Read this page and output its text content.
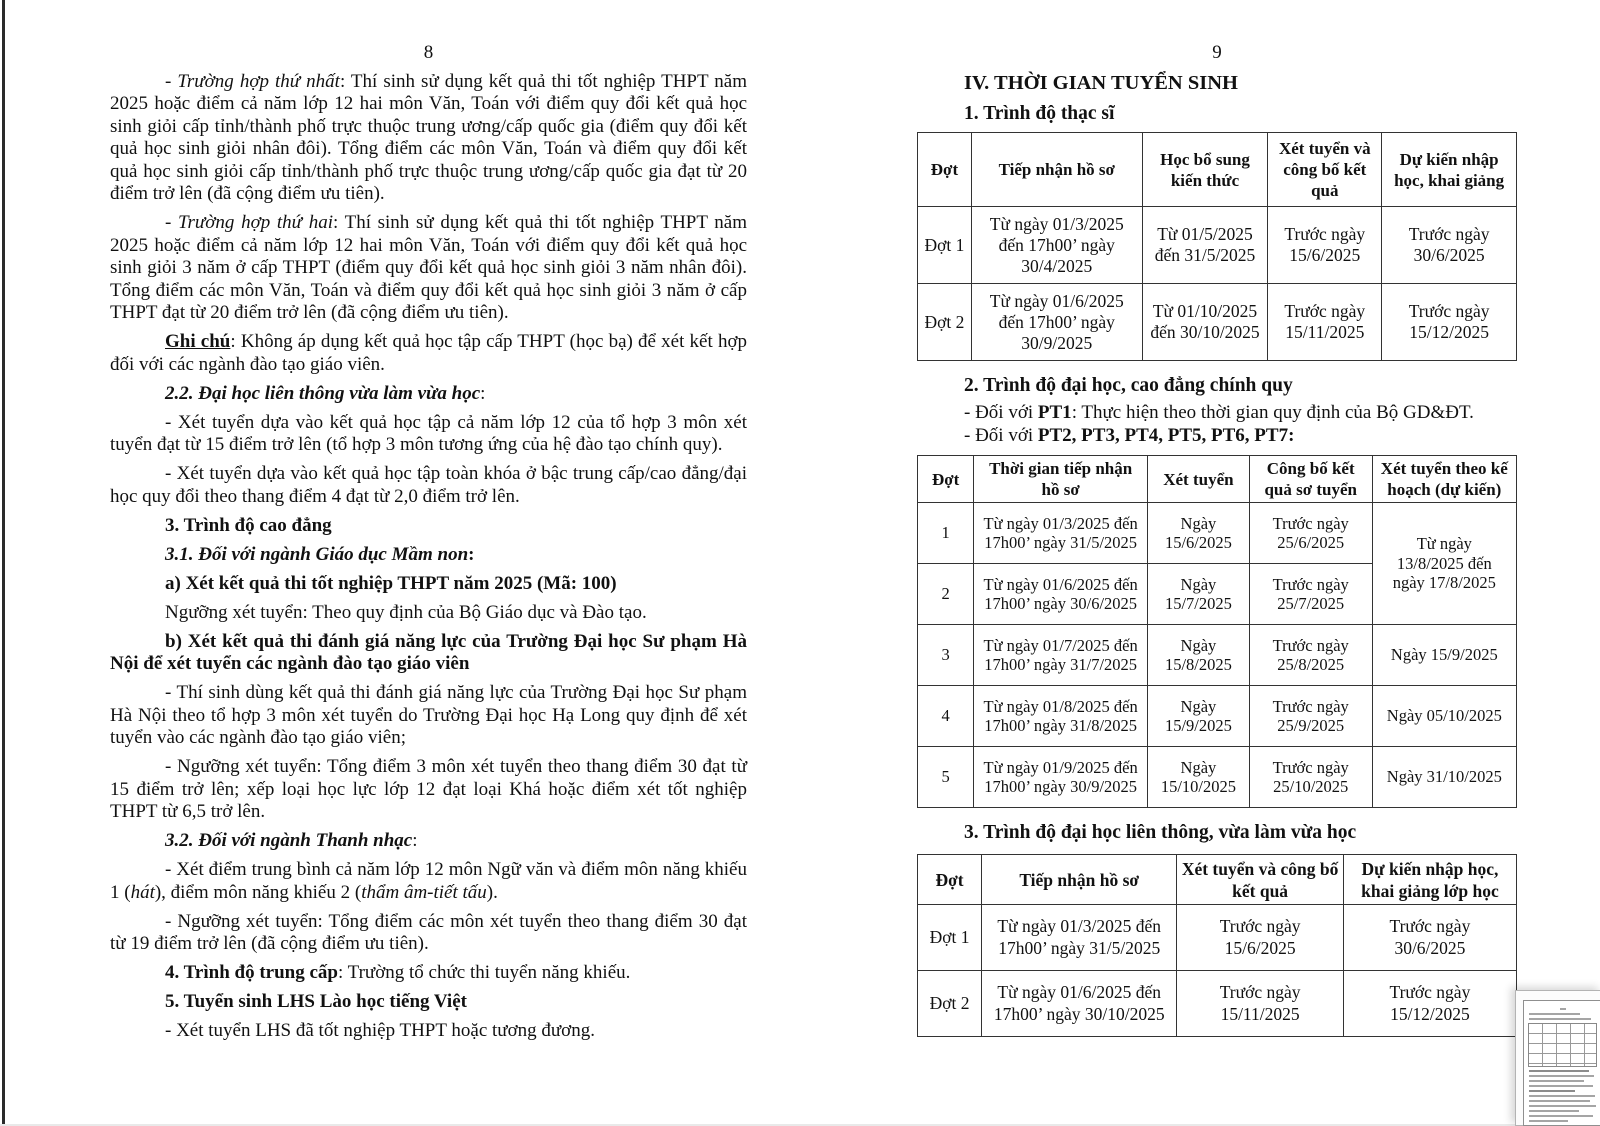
8

- Trường hợp thứ nhất: Thí sinh sử dụng kết quả thi tốt nghiệp THPT năm 2025 hoặc điểm cả năm lớp 12 hai môn Văn, Toán với điểm quy đổi kết quả học sinh giỏi cấp tỉnh/thành phố trực thuộc trung ương/cấp quốc gia (điểm quy đổi kết quả học sinh giỏi nhân đôi). Tổng điểm các môn Văn, Toán và điểm quy đổi kết quả học sinh giỏi cấp tỉnh/thành phố trực thuộc trung ương/cấp quốc gia đạt từ 20 điểm trở lên (đã cộng điểm ưu tiên).

- Trường hợp thứ hai: Thí sinh sử dụng kết quả thi tốt nghiệp THPT năm 2025 hoặc điểm cả năm lớp 12 hai môn Văn, Toán với điểm quy đổi kết quả học sinh giỏi 3 năm ở cấp THPT (điểm quy đổi kết quả học sinh giỏi 3 năm nhân đôi). Tổng điểm các môn Văn, Toán và điểm quy đổi kết quả học sinh giỏi 3 năm ở cấp THPT đạt từ 20 điểm trở lên (đã cộng điểm ưu tiên).

Ghi chú: Không áp dụng kết quả học tập cấp THPT (học bạ) để xét kết hợp đối với các ngành đào tạo giáo viên.

2.2. Đại học liên thông vừa làm vừa học:

- Xét tuyển dựa vào kết quả học tập cả năm lớp 12 của tổ hợp 3 môn xét tuyển đạt từ 15 điểm trở lên (tổ hợp 3 môn tương ứng của hệ đào tạo chính quy).

- Xét tuyển dựa vào kết quả học tập toàn khóa ở bậc trung cấp/cao đẳng/đại học quy đổi theo thang điểm 4 đạt từ 2,0 điểm trở lên.

3. Trình độ cao đẳng

3.1. Đối với ngành Giáo dục Mầm non:

a) Xét kết quả thi tốt nghiệp THPT năm 2025 (Mã: 100)

Ngưỡng xét tuyển: Theo quy định của Bộ Giáo dục và Đào tạo.

b) Xét kết quả thi đánh giá năng lực của Trường Đại học Sư phạm Hà Nội để xét tuyển các ngành đào tạo giáo viên

- Thí sinh dùng kết quả thi đánh giá năng lực của Trường Đại học Sư phạm Hà Nội theo tổ hợp 3 môn xét tuyển do Trường Đại học Hạ Long quy định để xét tuyển vào các ngành đào tạo giáo viên;

- Ngưỡng xét tuyển: Tổng điểm 3 môn xét tuyển theo thang điểm 30 đạt từ 15 điểm trở lên; xếp loại học lực lớp 12 đạt loại Khá hoặc điểm xét tốt nghiệp THPT từ 6,5 trở lên.

3.2. Đối với ngành Thanh nhạc:

- Xét điểm trung bình cả năm lớp 12 môn Ngữ văn và điểm môn năng khiếu 1 (hát), điểm môn năng khiếu 2 (thẩm âm-tiết tấu).

- Ngưỡng xét tuyển: Tổng điểm các môn xét tuyển theo thang điểm 30 đạt từ 19 điểm trở lên (đã cộng điểm ưu tiên).

4. Trình độ trung cấp: Trường tổ chức thi tuyển năng khiếu.

5. Tuyển sinh LHS Lào học tiếng Việt

- Xét tuyển LHS đã tốt nghiệp THPT hoặc tương đương.

9
IV. THỜI GIAN TUYỂN SINH
1. Trình độ thạc sĩ
Đợt	Tiếp nhận hồ sơ	Học bổ sung kiến thức	Xét tuyển và công bố kết quả	Dự kiến nhập học, khai giảng
Đợt 1	Từ ngày 01/3/2025 đến 17h00’ ngày 30/4/2025	Từ 01/5/2025 đến 31/5/2025	Trước ngày 15/6/2025	Trước ngày 30/6/2025
Đợt 2	Từ ngày 01/6/2025 đến 17h00’ ngày 30/9/2025	Từ 01/10/2025 đến 30/10/2025	Trước ngày 15/11/2025	Trước ngày 15/12/2025
2. Trình độ đại học, cao đẳng chính quy
- Đối với PT1: Thực hiện theo thời gian quy định của Bộ GD&ĐT.
- Đối với PT2, PT3, PT4, PT5, PT6, PT7:
Đợt	Thời gian tiếp nhận hồ sơ	Xét tuyển	Công bố kết quả sơ tuyển	Xét tuyển theo kế hoạch (dự kiến)
1	Từ ngày 01/3/2025 đến 17h00’ ngày 31/5/2025	Ngày 15/6/2025	Trước ngày 25/6/2025	Từ ngày 13/8/2025 đến ngày 17/8/2025
2	Từ ngày 01/6/2025 đến 17h00’ ngày 30/6/2025	Ngày 15/7/2025	Trước ngày 25/7/2025	
3	Từ ngày 01/7/2025 đến 17h00’ ngày 31/7/2025	Ngày 15/8/2025	Trước ngày 25/8/2025	Ngày 15/9/2025
4	Từ ngày 01/8/2025 đến 17h00’ ngày 31/8/2025	Ngày 15/9/2025	Trước ngày 25/9/2025	Ngày 05/10/2025
5	Từ ngày 01/9/2025 đến 17h00’ ngày 30/9/2025	Ngày 15/10/2025	Trước ngày 25/10/2025	Ngày 31/10/2025
3. Trình độ đại học liên thông, vừa làm vừa học
Đợt	Tiếp nhận hồ sơ	Xét tuyển và công bố kết quả	Dự kiến nhập học, khai giảng lớp học
Đợt 1	Từ ngày 01/3/2025 đến 17h00’ ngày 31/5/2025	Trước ngày 15/6/2025	Trước ngày 30/6/2025
Đợt 2	Từ ngày 01/6/2025 đến 17h00’ ngày 30/10/2025	Trước ngày 15/11/2025	Trước ngày 15/12/2025
